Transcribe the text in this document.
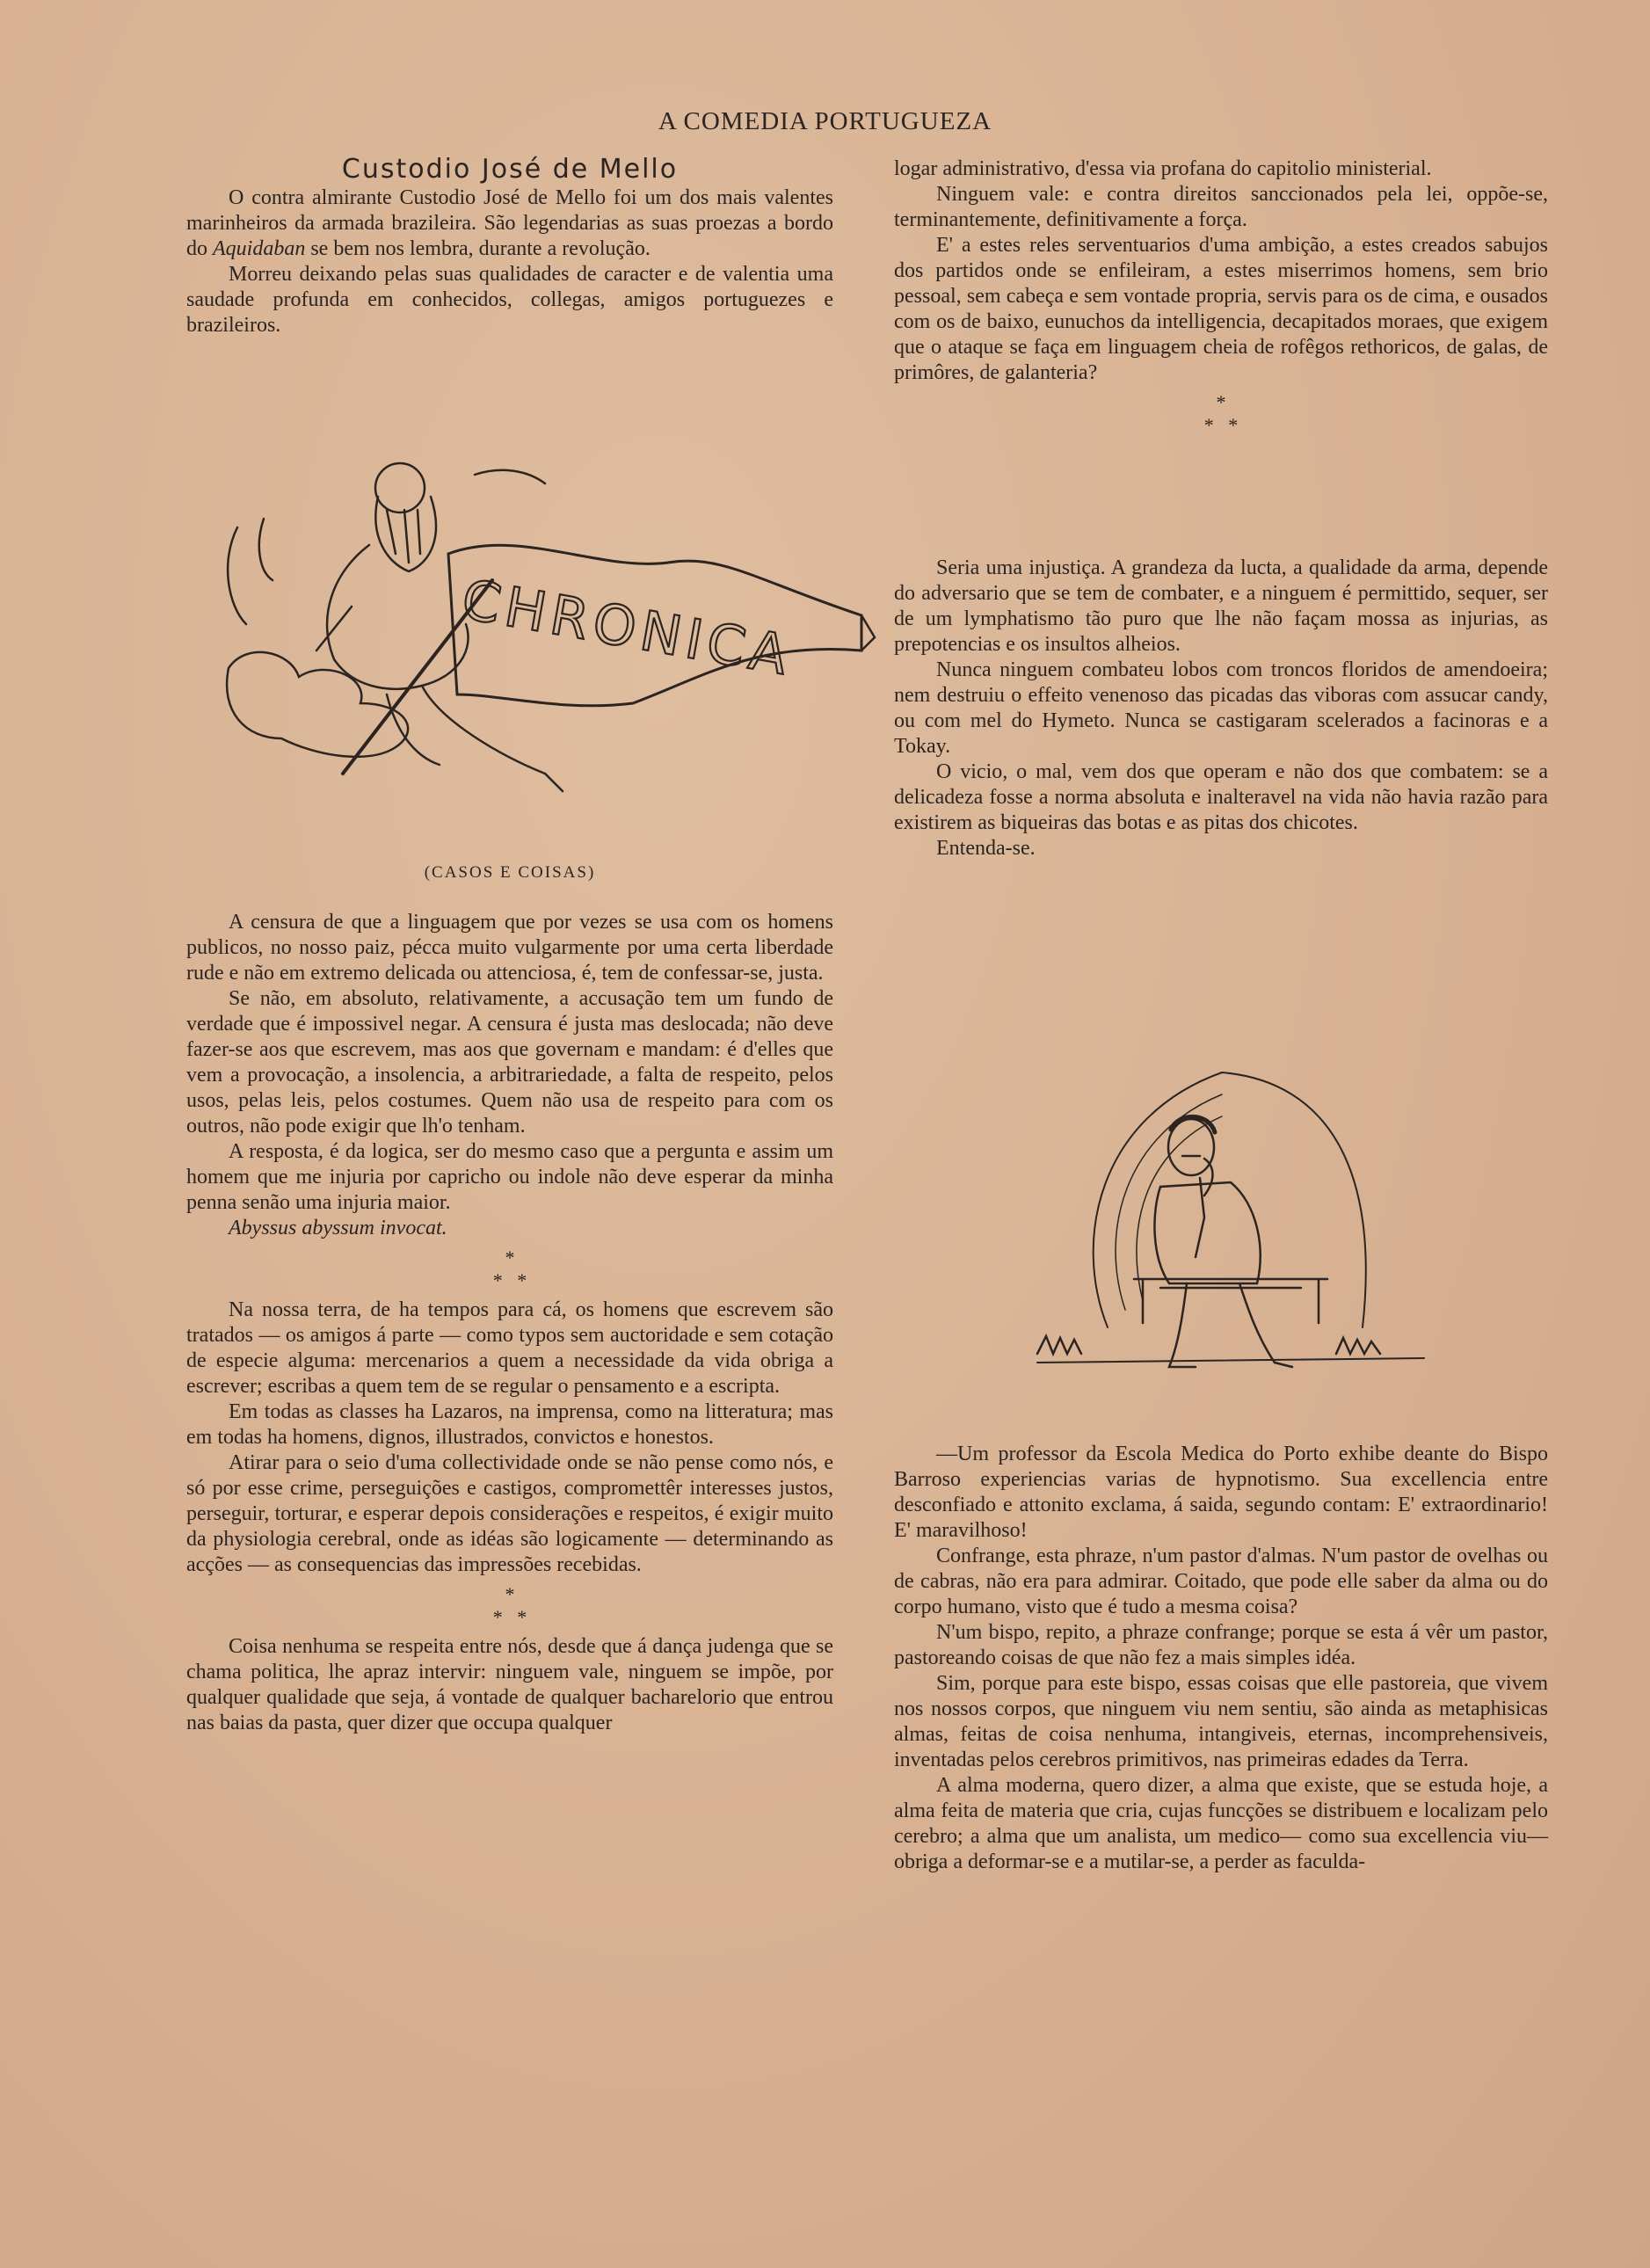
A COMEDIA PORTUGUEZA
Custodio José de Mello

O contra almirante Custodio José de Mello foi um dos mais valentes marinheiros da armada brazileira. São legendarias as suas proezas a bordo do Aquidaban se bem nos lembra, durante a revolução.

Morreu deixando pelas suas qualidades de caracter e de valentia uma saudade profunda em conhecidos, collegas, amigos portuguezes e brazileiros.

CHRONICA
(CASOS E COISAS)

A censura de que a linguagem que por vezes se usa com os homens publicos, no nosso paiz, pécca muito vulgarmente por uma certa liberdade rude e não em extremo delicada ou attenciosa, é, tem de confessar-se, justa.

Se não, em absoluto, relativamente, a accusação tem um fundo de verdade que é impossivel negar. A censura é justa mas deslocada; não deve fazer-se aos que escrevem, mas aos que governam e mandam: é d'elles que vem a provocação, a insolencia, a arbitrariedade, a falta de respeito, pelos usos, pelas leis, pelos costumes. Quem não usa de respeito para com os outros, não pode exigir que lh'o tenham.

A resposta, é da logica, ser do mesmo caso que a pergunta e assim um homem que me injuria por capricho ou indole não deve esperar da minha penna senão uma injuria maior.

Abyssus abyssum invocat.

*
*   *

Na nossa terra, de ha tempos para cá, os homens que escrevem são tratados — os amigos á parte — como typos sem auctoridade e sem cotação de especie alguma: mercenarios a quem a necessidade da vida obriga a escrever; escribas a quem tem de se regular o pensamento e a escripta.

Em todas as classes ha Lazaros, na imprensa, como na litteratura; mas em todas ha homens, dignos, illustrados, convictos e honestos.

Atirar para o seio d'uma collectividade onde se não pense como nós, e só por esse crime, perseguições e castigos, compromettêr interesses justos, perseguir, torturar, e esperar depois considerações e respeitos, é exigir muito da physiologia cerebral, onde as idéas são logicamente — determinando as acções — as consequencias das impressões recebidas.

*
*   *

Coisa nenhuma se respeita entre nós, desde que á dança judenga que se chama politica, lhe apraz intervir: ninguem vale, ninguem se impõe, por qualquer qualidade que seja, á vontade de qualquer bacharelorio que entrou nas baias da pasta, quer dizer que occupa qualquer

logar administrativo, d'essa via profana do capitolio ministerial.

Ninguem vale: e contra direitos sanccionados pela lei, oppõe-se, terminantemente, definitivamente a força.

E' a estes reles serventuarios d'uma ambição, a estes creados sabujos dos partidos onde se enfileiram, a estes miserrimos homens, sem brio pessoal, sem cabeça e sem vontade propria, servis para os de cima, e ousados com os de baixo, eunuchos da intelligencia, decapitados moraes, que exigem que o ataque se faça em linguagem cheia de rofêgos rethoricos, de galas, de primôres, de galanteria?

*
*   *

Seria uma injustiça. A grandeza da lucta, a qualidade da arma, depende do adversario que se tem de combater, e a ninguem é permittido, sequer, ser de um lymphatismo tão puro que lhe não façam mossa as injurias, as prepotencias e os insultos alheios.

Nunca ninguem combateu lobos com troncos floridos de amendoeira; nem destruiu o effeito venenoso das picadas das viboras com assucar candy, ou com mel do Hymeto. Nunca se castigaram scelerados a facinoras e a Tokay.

O vicio, o mal, vem dos que operam e não dos que combatem: se a delicadeza fosse a norma absoluta e inalteravel na vida não havia razão para existirem as biqueiras das botas e as pitas dos chicotes.

Entenda-se.

—Um professor da Escola Medica do Porto exhibe deante do Bispo Barroso experiencias varias de hypnotismo. Sua excellencia entre desconfiado e attonito exclama, á saida, segundo contam: E' extraordinario! E' maravilhoso!

Confrange, esta phraze, n'um pastor d'almas. N'um pastor de ovelhas ou de cabras, não era para admirar. Coitado, que pode elle saber da alma ou do corpo humano, visto que é tudo a mesma coisa?

N'um bispo, repito, a phraze confrange; porque se esta á vêr um pastor, pastoreando coisas de que não fez a mais simples idéa.

Sim, porque para este bispo, essas coisas que elle pastoreia, que vivem nos nossos corpos, que ninguem viu nem sentiu, são ainda as metaphisicas almas, feitas de coisa nenhuma, intangiveis, eternas, incomprehensiveis, inventadas pelos cerebros primitivos, nas primeiras edades da Terra.

A alma moderna, quero dizer, a alma que existe, que se estuda hoje, a alma feita de materia que cria, cujas funcções se distribuem e localizam pelo cerebro; a alma que um analista, um medico— como sua excellencia viu— obriga a deformar-se e a mutilar-se, a perder as faculda-
